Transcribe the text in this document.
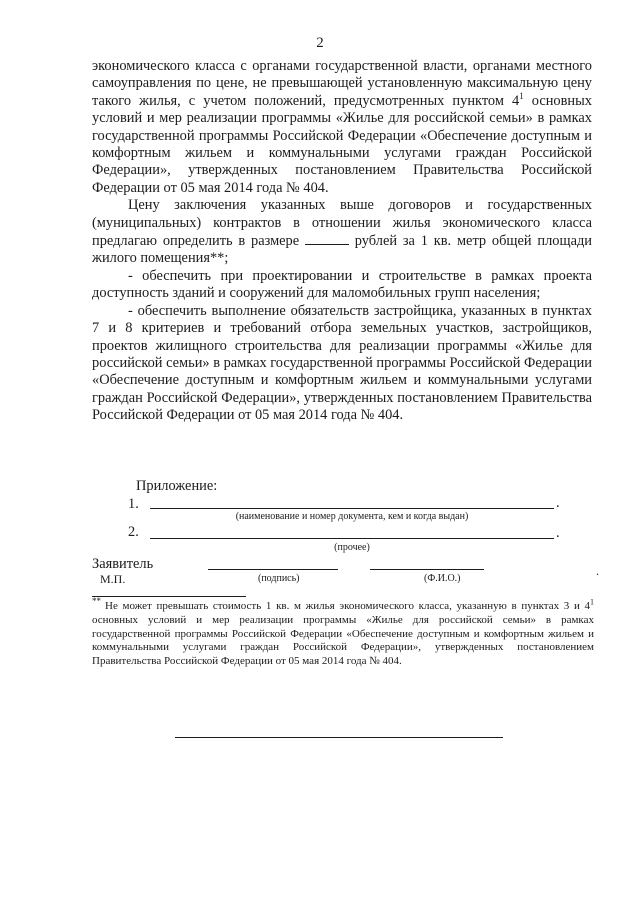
2

экономического класса с органами государственной власти, органами местного самоуправления по цене, не превышающей установленную максимальную цену такого жилья, с учетом положений, предусмотренных пунктом $4^1$ основных условий и мер реализации программы «Жилье для российской семьи» в рамках государственной программы Российской Федерации «Обеспечение доступным и комфортным жильем и коммунальными услугами граждан Российской Федерации», утвержденных постановлением Правительства Российской Федерации от 05 мая 2014 года № 404.

Цену заключения указанных выше договоров и государственных (муниципальных) контрактов в отношении жилья экономического класса предлагаю определить в размере	рублей за 1 кв. метр общей площади жилого помещения**;

- обеспечить при проектировании и строительстве в рамках проекта доступность зданий и сооружений для маломобильных групп населения;

- обеспечить выполнение обязательств застройщика, указанных в пунктах 7 и 8 критериев и требований отбора земельных участков, застройщиков, проектов жилищного строительства для реализации программы «Жилье для российской семьи» в рамках государственной программы Российской Федерации «Обеспечение доступным и комфортным жильем и коммунальными услугами граждан Российской Федерации», утвержденных постановлением Правительства Российской Федерации от 05 мая 2014 года № 404.

Приложение:
1.	.
(наименование и номер документа, кем и когда выдан)
2.	.
(прочее)
Заявитель
М.П.	(подпись)	(Ф.И.О.)
.
** Не может превышать стоимость 1 кв. м жилья экономического класса, указанную в пунктах 3 и $4^1$ основных условий и мер реализации программы «Жилье для российской семьи» в рамках государственной программы Российской Федерации «Обеспечение доступным и комфортным жильем и коммунальными услугами граждан Российской Федерации», утвержденных постановлением Правительства Российской Федерации от 05 мая 2014 года № 404.
